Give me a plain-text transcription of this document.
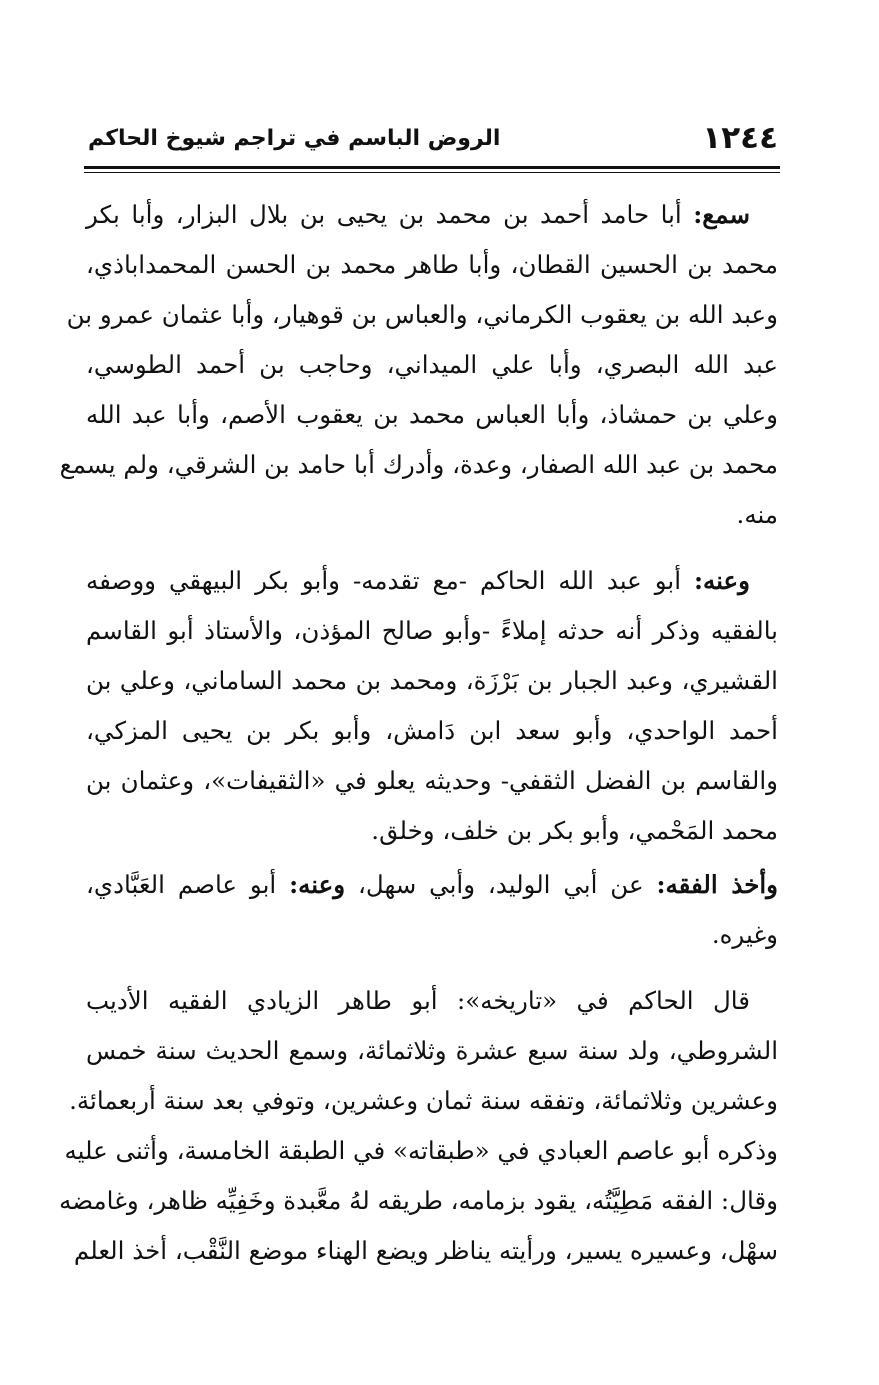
١٢٤٤
الروض الباسم في تراجم شيوخ الحاكم
سمع: أبا حامد أحمد بن محمد بن يحيى بن بلال البزار، وأبا بكر
محمد بن الحسين القطان، وأبا طاهر محمد بن الحسن المحمداباذي،
وعبد الله بن يعقوب الكرماني، والعباس بن قوهيار، وأبا عثمان عمرو بن
عبد الله البصري، وأبا علي الميداني، وحاجب بن أحمد الطوسي،
وعلي بن حمشاذ، وأبا العباس محمد بن يعقوب الأصم، وأبا عبد الله
محمد بن عبد الله الصفار، وعدة، وأدرك أبا حامد بن الشرقي، ولم يسمع
منه.
وعنه: أبو عبد الله الحاكم -مع تقدمه- وأبو بكر البيهقي ووصفه
بالفقيه وذكر أنه حدثه إملاءً -وأبو صالح المؤذن، والأستاذ أبو القاسم
القشيري، وعبد الجبار بن بَرْزَة، ومحمد بن محمد الساماني، وعلي بن
أحمد الواحدي، وأبو سعد ابن دَامش، وأبو بكر بن يحيى المزكي،
والقاسم بن الفضل الثقفي- وحديثه يعلو في «الثقيفات»، وعثمان بن
محمد المَحْمي، وأبو بكر بن خلف، وخلق.
وأخذ الفقه: عن أبي الوليد، وأبي سهل، وعنه: أبو عاصم العَبَّادي،
وغيره.
قال الحاكم في «تاريخه»: أبو طاهر الزيادي الفقيه الأديب
الشروطي، ولد سنة سبع عشرة وثلاثمائة، وسمع الحديث سنة خمس
وعشرين وثلاثمائة، وتفقه سنة ثمان وعشرين، وتوفي بعد سنة أربعمائة.
وذكره أبو عاصم العبادي في «طبقاته» في الطبقة الخامسة، وأثنى عليه
وقال: الفقه مَطِيَّتُه، يقود بزمامه، طريقه لهُ معَّبدة وخَفِيِّه ظاهر، وغامضه
سهْل، وعسيره يسير، ورأيته يناظر ويضع الهناء موضع النَّقْب، أخذ العلم
